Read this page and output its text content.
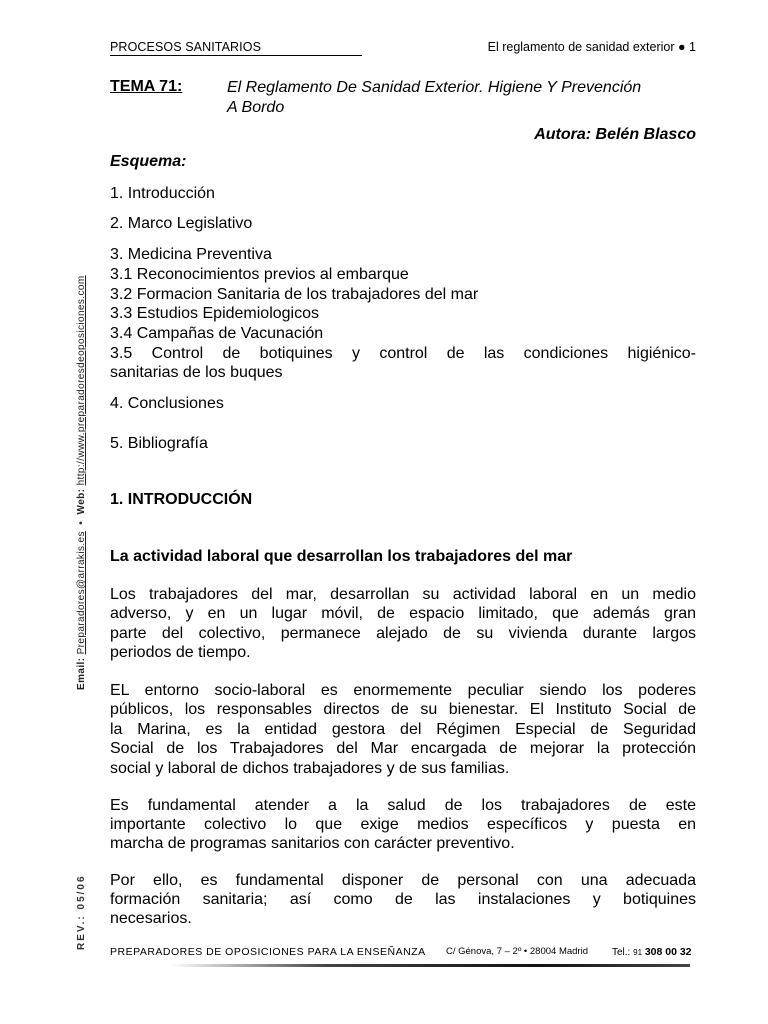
PROCESOS SANITARIOS	El reglamento de sanidad exterior ● 1
TEMA 71:	El Reglamento De Sanidad Exterior. Higiene Y Prevención
A Bordo
Autora: Belén Blasco
Esquema:
1. Introducción
2. Marco Legislativo
3. Medicina Preventiva
3.1 Reconocimientos previos al embarque
3.2 Formacion Sanitaria de los trabajadores del mar
3.3 Estudios Epidemiologicos
3.4 Campañas de Vacunación
3.5 Control de botiquines y control de las condiciones higiénico-
sanitarias de los buques
4. Conclusiones
5. Bibliografía
1. INTRODUCCIÓN
La actividad laboral que desarrollan los trabajadores del mar
Los trabajadores del mar, desarrollan su actividad laboral en un medio
adverso, y en un lugar móvil, de espacio limitado, que además gran
parte del colectivo, permanece alejado de su vivienda durante largos
periodos de tiempo.
EL entorno socio-laboral es enormemente peculiar siendo los poderes
públicos, los responsables directos de su bienestar. El Instituto Social de
la Marina, es la entidad gestora del Régimen Especial de Seguridad
Social de los Trabajadores del Mar encargada de mejorar la protección
social y laboral de dichos trabajadores y de sus familias.
Es fundamental atender a la salud de los trabajadores de este
importante colectivo lo que exige medios específicos y puesta en
marcha de programas sanitarios con carácter preventivo.
Por ello, es fundamental disponer de personal con una adecuada
formación sanitaria; así como de las instalaciones y botiquines
necesarios.
Email: Preparadores@arrakis.es  •  Web: http://www.preparadoresdeoposiciones.com
REV.: 05/06
PREPARADORES DE OPOSICIONES PARA LA ENSEÑANZA C/ Génova, 7 – 2º • 28004 Madrid Tel.: 91 308 00 32
